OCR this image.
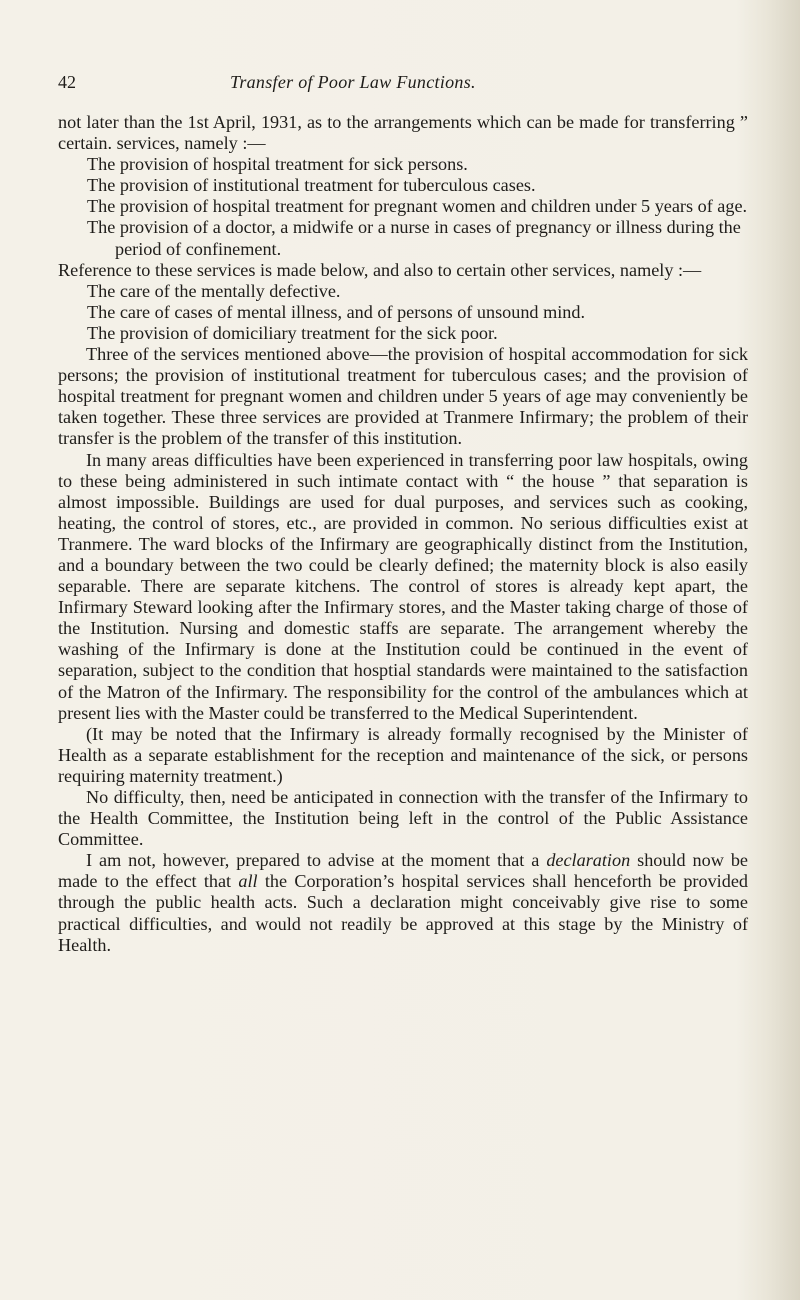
42	Transfer of Poor Law Functions.

not later than the 1st April, 1931, as to the arrangements which can be made for transferring ” certain. services, namely :—

The provision of hospital treatment for sick persons.

The provision of institutional treatment for tuberculous cases.

The provision of hospital treatment for pregnant women and children under 5 years of age.

The provision of a doctor, a midwife or a nurse in cases of pregnancy or illness during the period of confinement.

Reference to these services is made below, and also to certain other services, namely :—

The care of the mentally defective.

The care of cases of mental illness, and of persons of unsound mind.

The provision of domiciliary treatment for the sick poor.

Three of the services mentioned above—the provision of hospital accommodation for sick persons; the provision of institutional treatment for tuberculous cases; and the provision of hospital treatment for pregnant women and children under 5 years of age may conveniently be taken together. These three services are provided at Tranmere Infirmary; the problem of their transfer is the problem of the transfer of this institution.

In many areas difficulties have been experienced in transferring poor law hospitals, owing to these being administered in such intimate contact with “ the house ” that separation is almost impossible. Buildings are used for dual purposes, and services such as cooking, heating, the control of stores, etc., are provided in common. No serious difficulties exist at Tranmere. The ward blocks of the Infirmary are geographically distinct from the Institution, and a boundary between the two could be clearly defined; the maternity block is also easily separable. There are separate kitchens. The control of stores is already kept apart, the Infirmary Steward looking after the Infirmary stores, and the Master taking charge of those of the Institution. Nursing and domestic staffs are separate. The arrangement whereby the washing of the Infirmary is done at the Institution could be continued in the event of separation, subject to the condition that hosptial standards were maintained to the satisfaction of the Matron of the Infirmary. The responsibility for the control of the ambulances which at present lies with the Master could be transferred to the Medical Superintendent.

(It may be noted that the Infirmary is already formally recognised by the Minister of Health as a separate establishment for the reception and maintenance of the sick, or persons requiring maternity treatment.)

No difficulty, then, need be anticipated in connection with the transfer of the Infirmary to the Health Committee, the Institution being left in the control of the Public Assistance Committee.

I am not, however, prepared to advise at the moment that a declaration should now be made to the effect that all the Corporation’s hospital services shall henceforth be provided through the public health acts. Such a declaration might conceivably give rise to some practical difficulties, and would not readily be approved at this stage by the Ministry of Health.
